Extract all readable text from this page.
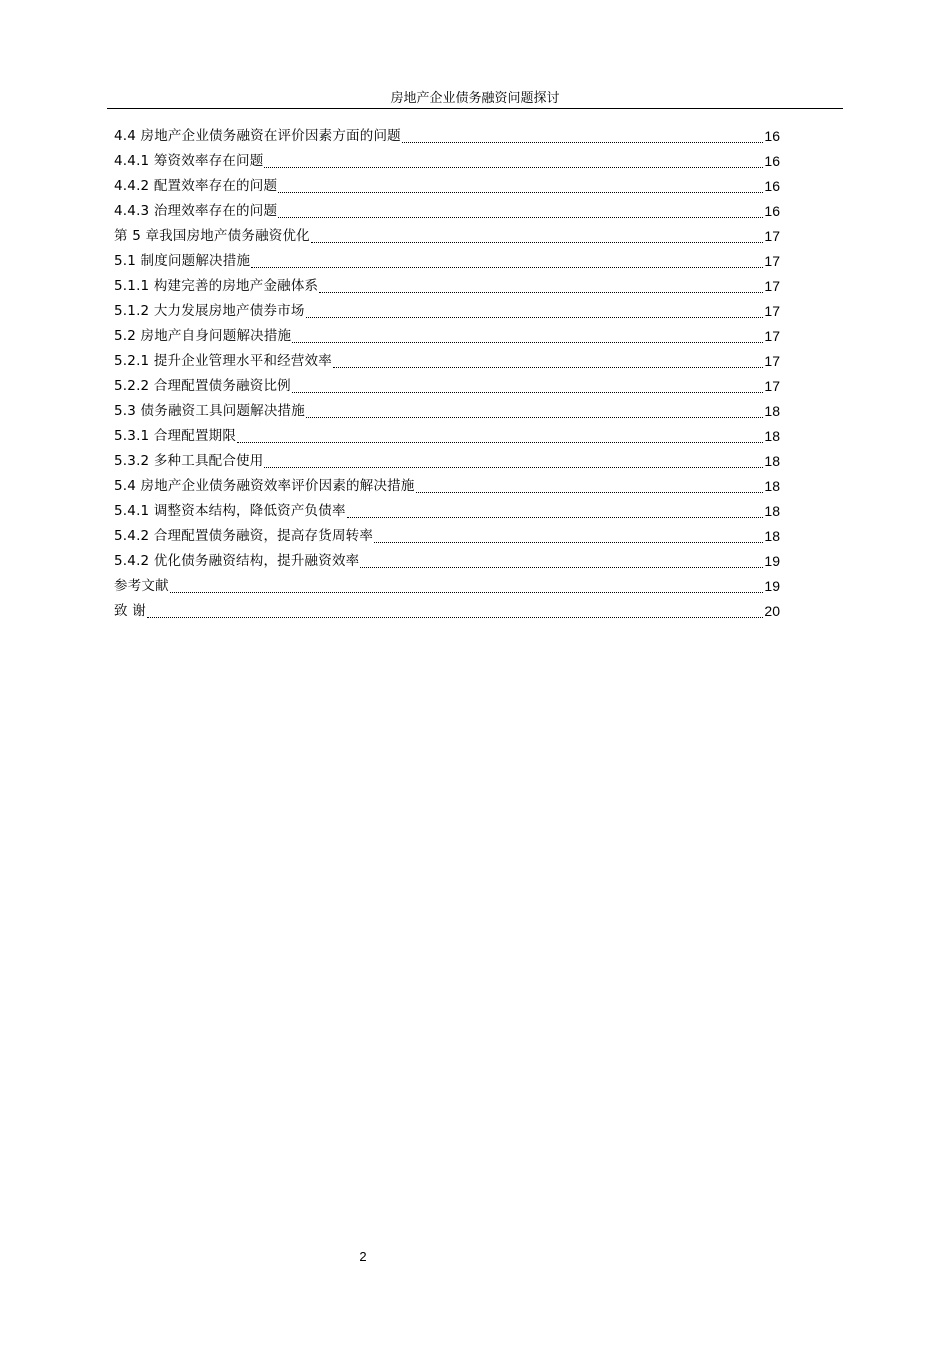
房地产企业债务融资问题探讨
4.4 房地产企业债务融资在评价因素方面的问题	16
4.4.1 筹资效率存在问题	16
4.4.2 配置效率存在的问题	16
4.4.3 治理效率存在的问题	16
第 5 章我国房地产债务融资优化	17
5.1 制度问题解决措施	17
5.1.1 构建完善的房地产金融体系	17
5.1.2 大力发展房地产债券市场	17
5.2 房地产自身问题解决措施	17
5.2.1 提升企业管理水平和经营效率	17
5.2.2 合理配置债务融资比例	17
5.3 债务融资工具问题解决措施	18
5.3.1 合理配置期限	18
5.3.2 多种工具配合使用	18
5.4 房地产企业债务融资效率评价因素的解决措施	18
5.4.1 调整资本结构，降低资产负债率	18
5.4.2 合理配置债务融资，提高存货周转率	18
5.4.2 优化债务融资结构，提升融资效率	19
参考文献	19
致 谢	20
2
